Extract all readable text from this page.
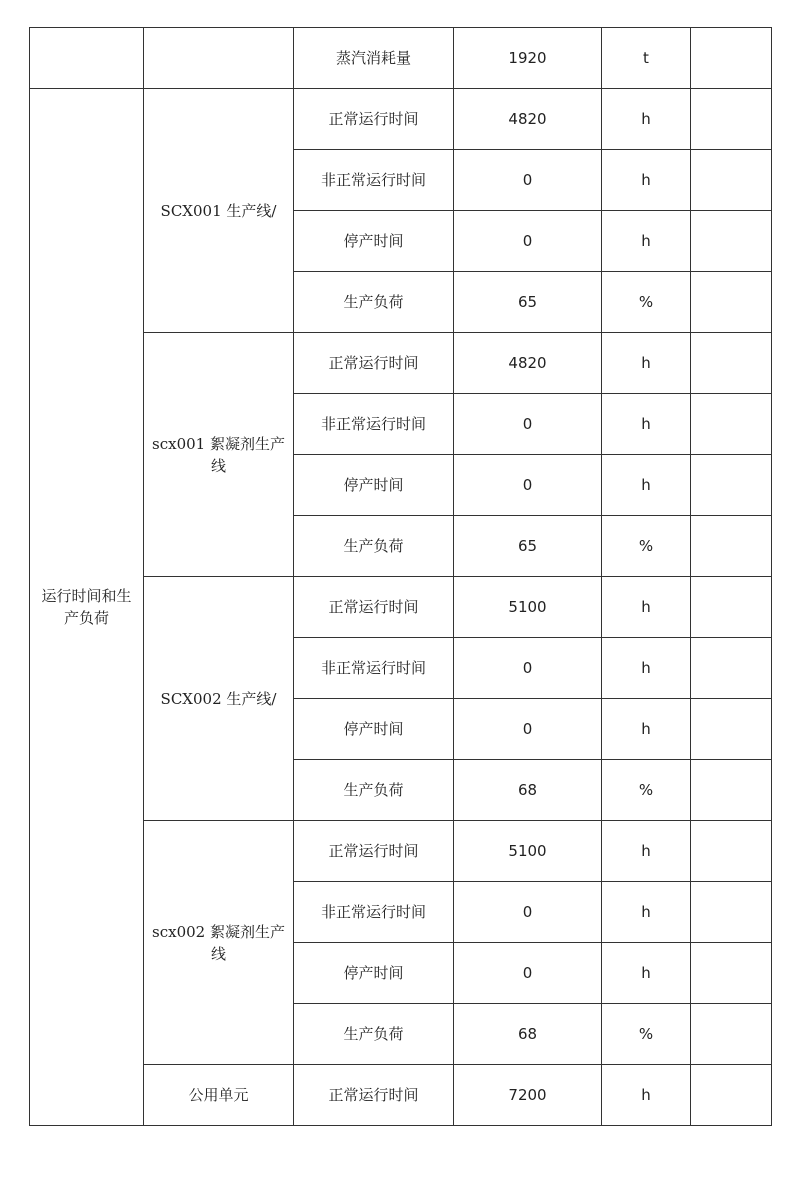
		蒸汽消耗量	1920	t	
运行时间和生产负荷	SCX001 生产线/	正常运行时间	4820	h	
		非正常运行时间	0	h	
		停产时间	0	h	
		生产负荷	65	%	
	scx001 絮凝剂生产线	正常运行时间	4820	h	
		非正常运行时间	0	h	
		停产时间	0	h	
		生产负荷	65	%	
	SCX002 生产线/	正常运行时间	5100	h	
		非正常运行时间	0	h	
		停产时间	0	h	
		生产负荷	68	%	
	scx002 絮凝剂生产线	正常运行时间	5100	h	
		非正常运行时间	0	h	
		停产时间	0	h	
		生产负荷	68	%	
	公用单元	正常运行时间	7200	h	
